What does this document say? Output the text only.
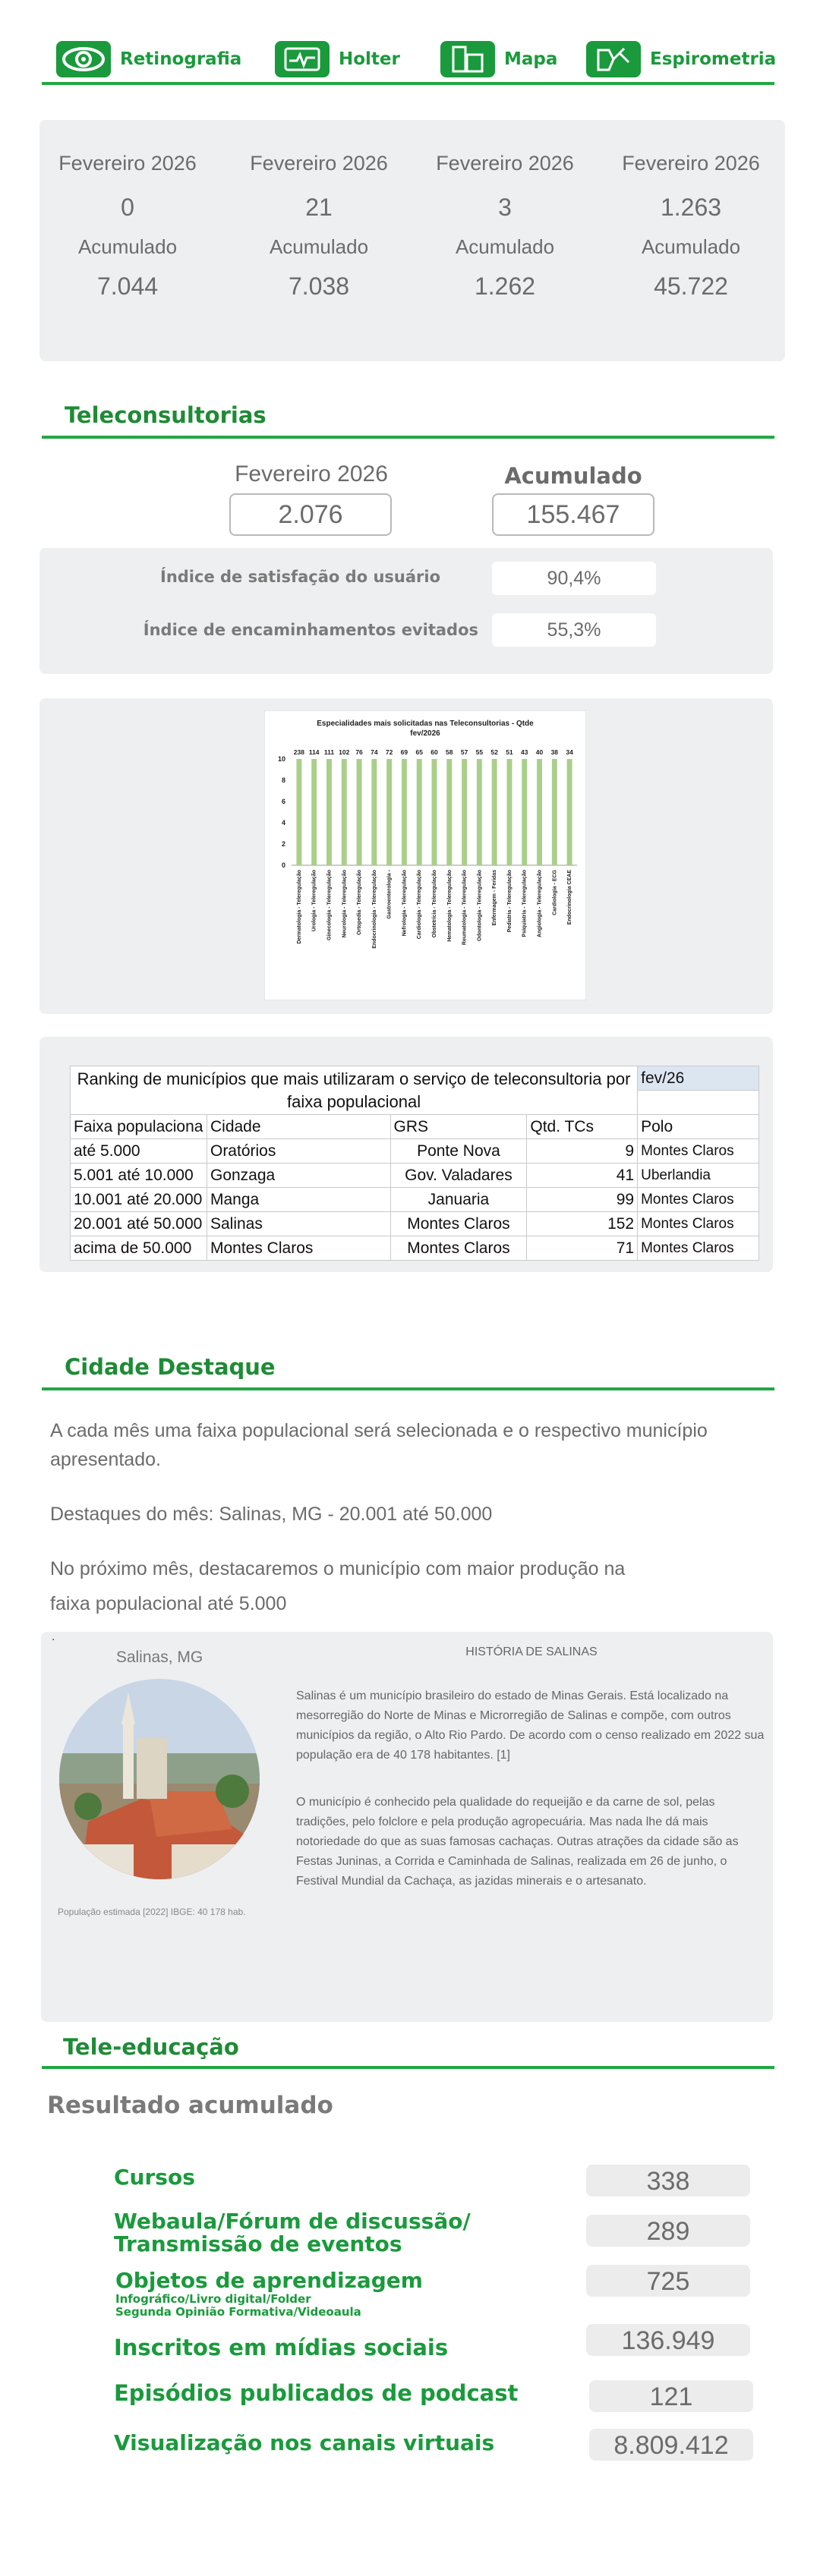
Retinografia	Holter	Mapa	Espirometria
Fevereiro 2026
0
Acumulado
7.044
Fevereiro 2026
21
Acumulado
7.038
Fevereiro 2026
3
Acumulado
1.262
Fevereiro 2026
1.263
Acumulado
45.722
Teleconsultorias
Fevereiro 2026
2.076
Acumulado
155.467
Índice de satisfação do usuário	90,4%
Índice de encaminhamentos evitados	55,3%
Especialidades mais solicitadas nas Teleconsultorias - Qtde
fev/2026
0
2
4
6
8
10
238
Dermatologia - Teleregulação
114
Urologia - Teleregulação
111
Ginecologia - Teleregulação
102
Neurologia - Teleregulação
76
Ortopedia - Teleregulação
74
Endocrinologia - Teleregulação
72
Gastroenterologia -
69
Nefrologia - Teleregulação
65
Cardiologia - Teleregulação
60
Obstetrícia - Teleregulação
58
Hematologia - Teleregulação
57
Reumatologia - Teleregulação
55
Odontologia - Teleregulação
52
Enfermagem - Feridas
51
Pediatria - Teleregulação
43
Psiquiatria - Teleregulação
40
Angiologia - Teleregulação
38
Cardiologia - ECG
34
Endocrinologia CEAE
Ranking de municípios que mais utilizaram o serviço de teleconsultoria por faixa populacional				fev/26

Faixa populaciona	Cidade	GRS	Qtd. TCs	Polo
até 5.000	Oratórios	Ponte Nova	9	Montes Claros
5.001 até 10.000	Gonzaga	Gov. Valadares	41	Uberlandia
10.001 até 20.000	Manga	Januaria	99	Montes Claros
20.001 até 50.000	Salinas	Montes Claros	152	Montes Claros
acima de 50.000	Montes Claros	Montes Claros	71	Montes Claros
Cidade Destaque
A cada mês uma faixa populacional será selecionada e o respectivo município apresentado.
Destaques do mês: Salinas, MG - 20.001 até 50.000
No próximo mês, destacaremos o município com maior produção na
faixa populacional até 5.000
.
Salinas, MG	HISTÓRIA DE SALINAS
Salinas é um município brasileiro do estado de Minas Gerais. Está localizado na mesorregião do Norte de Minas e Microrregião de Salinas e compõe, com outros municípios da região, o Alto Rio Pardo. De acordo com o censo realizado em 2022 sua população era de 40 178 habitantes. [1]
O município é conhecido pela qualidade do requeijão e da carne de sol, pelas tradições, pelo folclore e pela produção agropecuária. Mas nada lhe dá mais notoriedade do que as suas famosas cachaças. Outras atrações da cidade são as Festas Juninas, a Corrida e Caminhada de Salinas, realizada em 26 de junho, o Festival Mundial da Cachaça, as jazidas minerais e o artesanato.
População estimada [2022] IBGE: 40 178 hab.
Tele-educação
Resultado acumulado
Cursos	338
Webaula/Fórum de discussão/
Transmissão de eventos	289
Objetos de aprendizagem
Infográfico/Livro digital/Folder
Segunda Opinião Formativa/Videoaula
725
Inscritos em mídias sociais	136.949
Episódios publicados de podcast	121
Visualização nos canais virtuais	8.809.412
